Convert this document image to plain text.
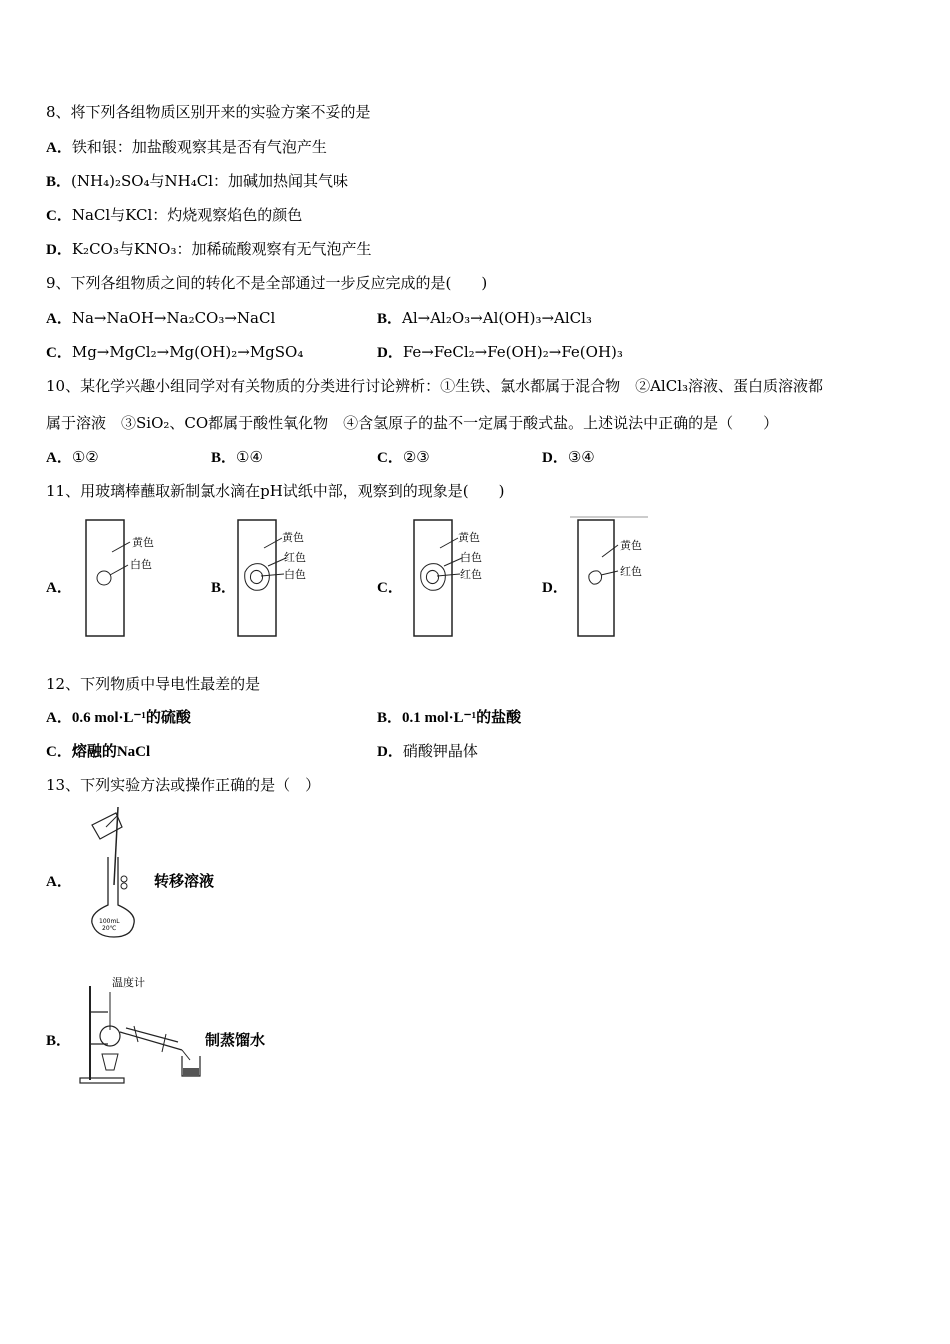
8、将下列各组物质区别开来的实验方案不妥的是
A．铁和银：加盐酸观察其是否有气泡产生
B．(NH₄)₂SO₄与NH₄Cl：加碱加热闻其气味
C．NaCl与KCl：灼烧观察焰色的颜色
D．K₂CO₃与KNO₃：加稀硫酸观察有无气泡产生
9、下列各组物质之间的转化不是全部通过一步反应完成的是(　　)
A．Na→NaOH→Na₂CO₃→NaCl	B．Al→Al₂O₃→Al(OH)₃→AlCl₃
C．Mg→MgCl₂→Mg(OH)₂→MgSO₄	D．Fe→FeCl₂→Fe(OH)₂→Fe(OH)₃
10、某化学兴趣小组同学对有关物质的分类进行讨论辨析：①生铁、氯水都属于混合物　②AlCl₃溶液、蛋白质溶液都
属于溶液　③SiO₂、CO都属于酸性氧化物　④含氢原子的盐不一定属于酸式盐。上述说法中正确的是（　　）
A．①②	B．①④	C．②③	D．③④
11、用玻璃棒蘸取新制氯水滴在pH试纸中部，观察到的现象是(　　)
A．
黄色
白色
B．
黄色
红色
白色
C．
黄色
白色
红色
D．
黄色
红色
12、下列物质中导电性最差的是
A．0.6 mol·L⁻¹的硫酸	B．0.1 mol·L⁻¹的盐酸
C．熔融的NaCl	D．硝酸钾晶体
13、下列实验方法或操作正确的是（　）
A．
100mL
20℃
转移溶液
B．
温度计
制蒸馏水
